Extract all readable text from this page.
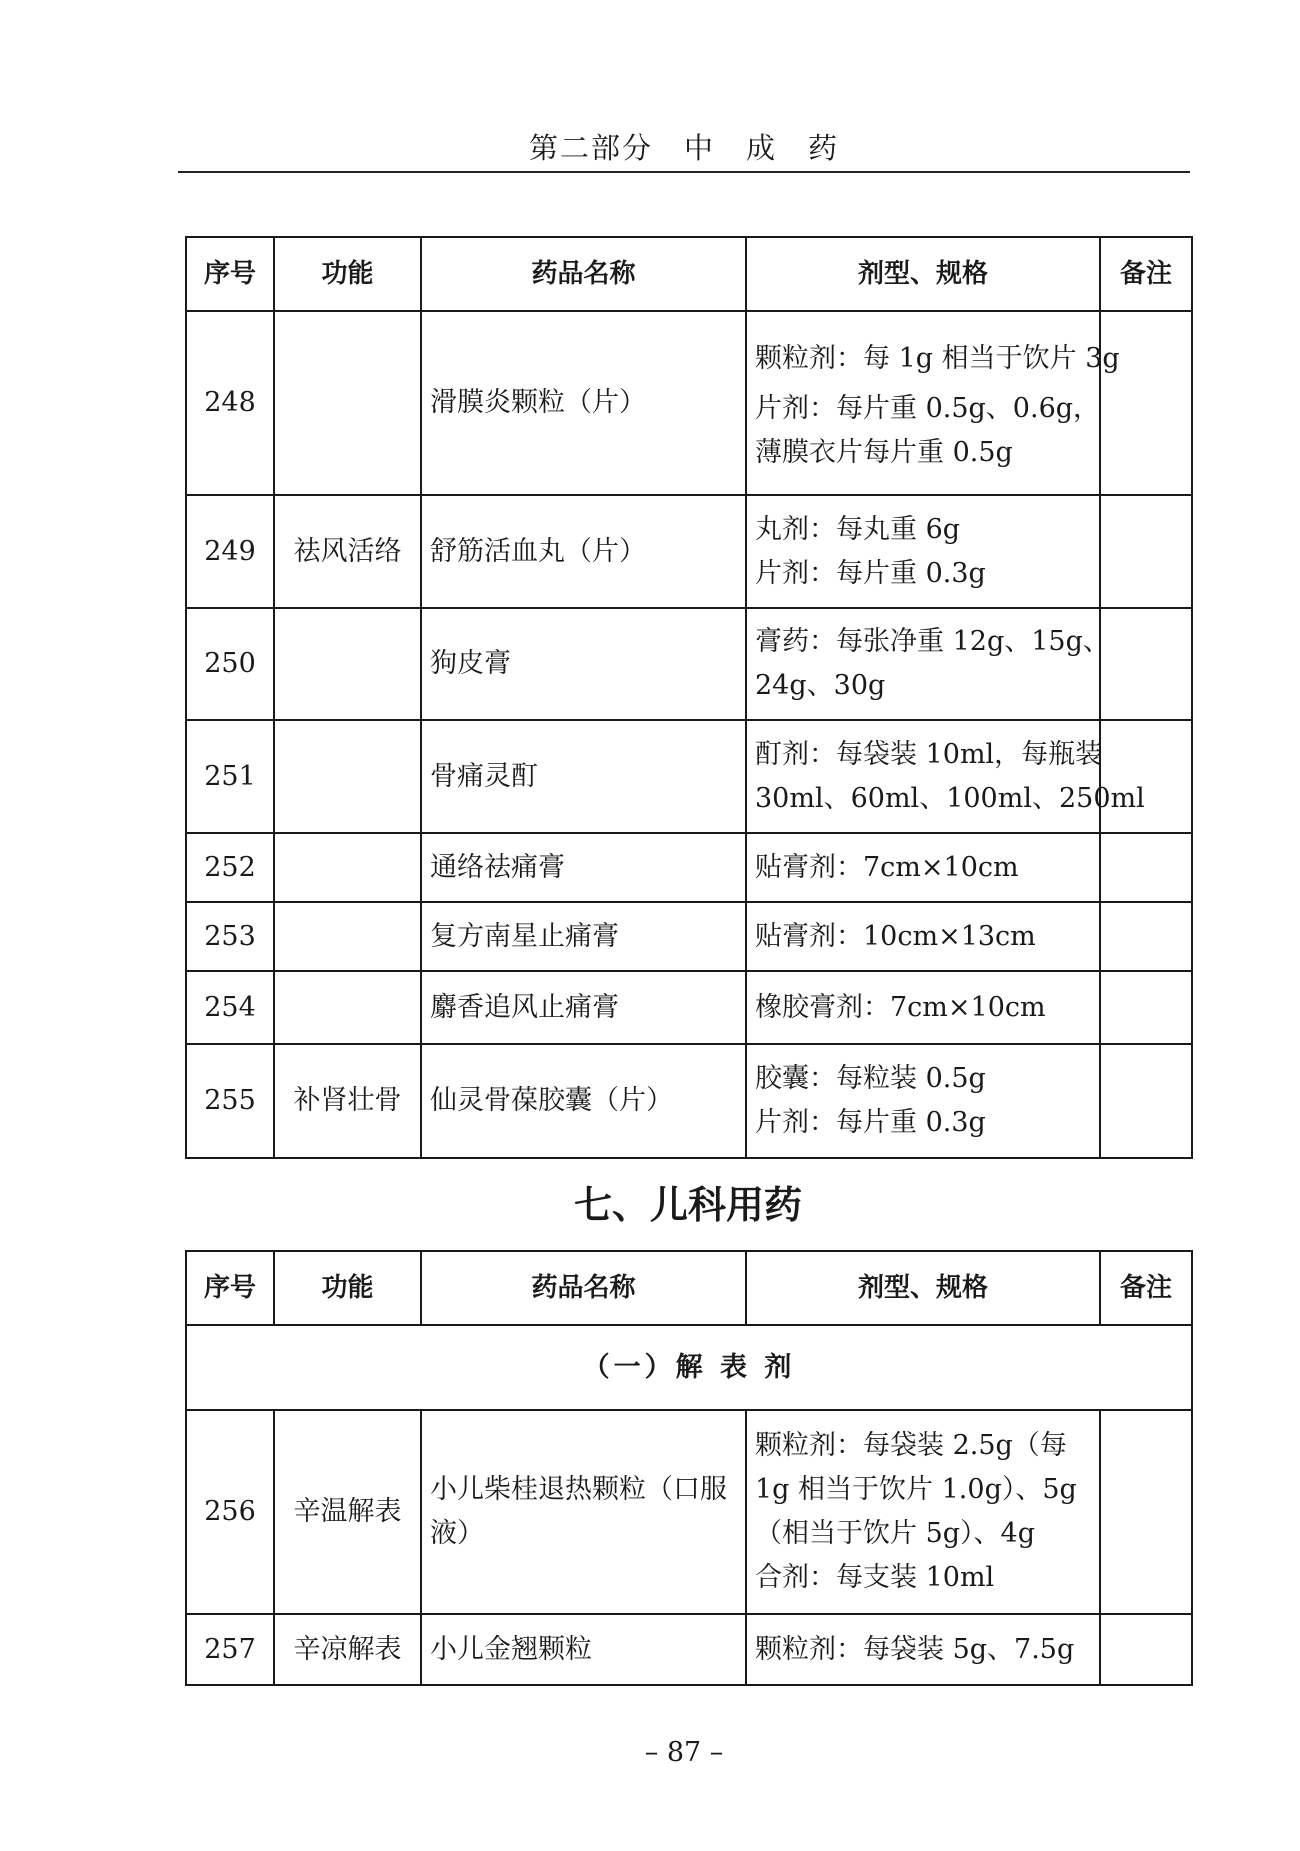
第二部分　中　成　药
序号	功能	药品名称	剂型、规格	备注
248		滑膜炎颗粒（片）	颗粒剂：每 1g 相当于饮片 3g
片剂：每片重 0.5g、0.6g，
薄膜衣片每片重 0.5g	

249	祛风活络	舒筋活血丸（片）	丸剂：每丸重 6g
片剂：每片重 0.3g	

250		狗皮膏	膏药：每张净重 12g、15g、
24g、30g	

251		骨痛灵酊	酊剂：每袋装 10ml，每瓶装
30ml、60ml、100ml、250ml	

252		通络祛痛膏	贴膏剂：7cm×10cm	

253		复方南星止痛膏	贴膏剂：10cm×13cm	

254		麝香追风止痛膏	橡胶膏剂：7cm×10cm	

255	补肾壮骨	仙灵骨葆胶囊（片）	胶囊：每粒装 0.5g
片剂：每片重 0.3g	

七、儿科用药
序号	功能	药品名称	剂型、规格	备注
（一）解 表 剂				
256	辛温解表	小儿柴桂退热颗粒（口服液）	颗粒剂：每袋装 2.5g（每
1g 相当于饮片 1.0g）、5g
（相当于饮片 5g）、4g
合剂：每支装 10ml	

257	辛凉解表	小儿金翘颗粒	颗粒剂：每袋装 5g、7.5g	

– 87 –
